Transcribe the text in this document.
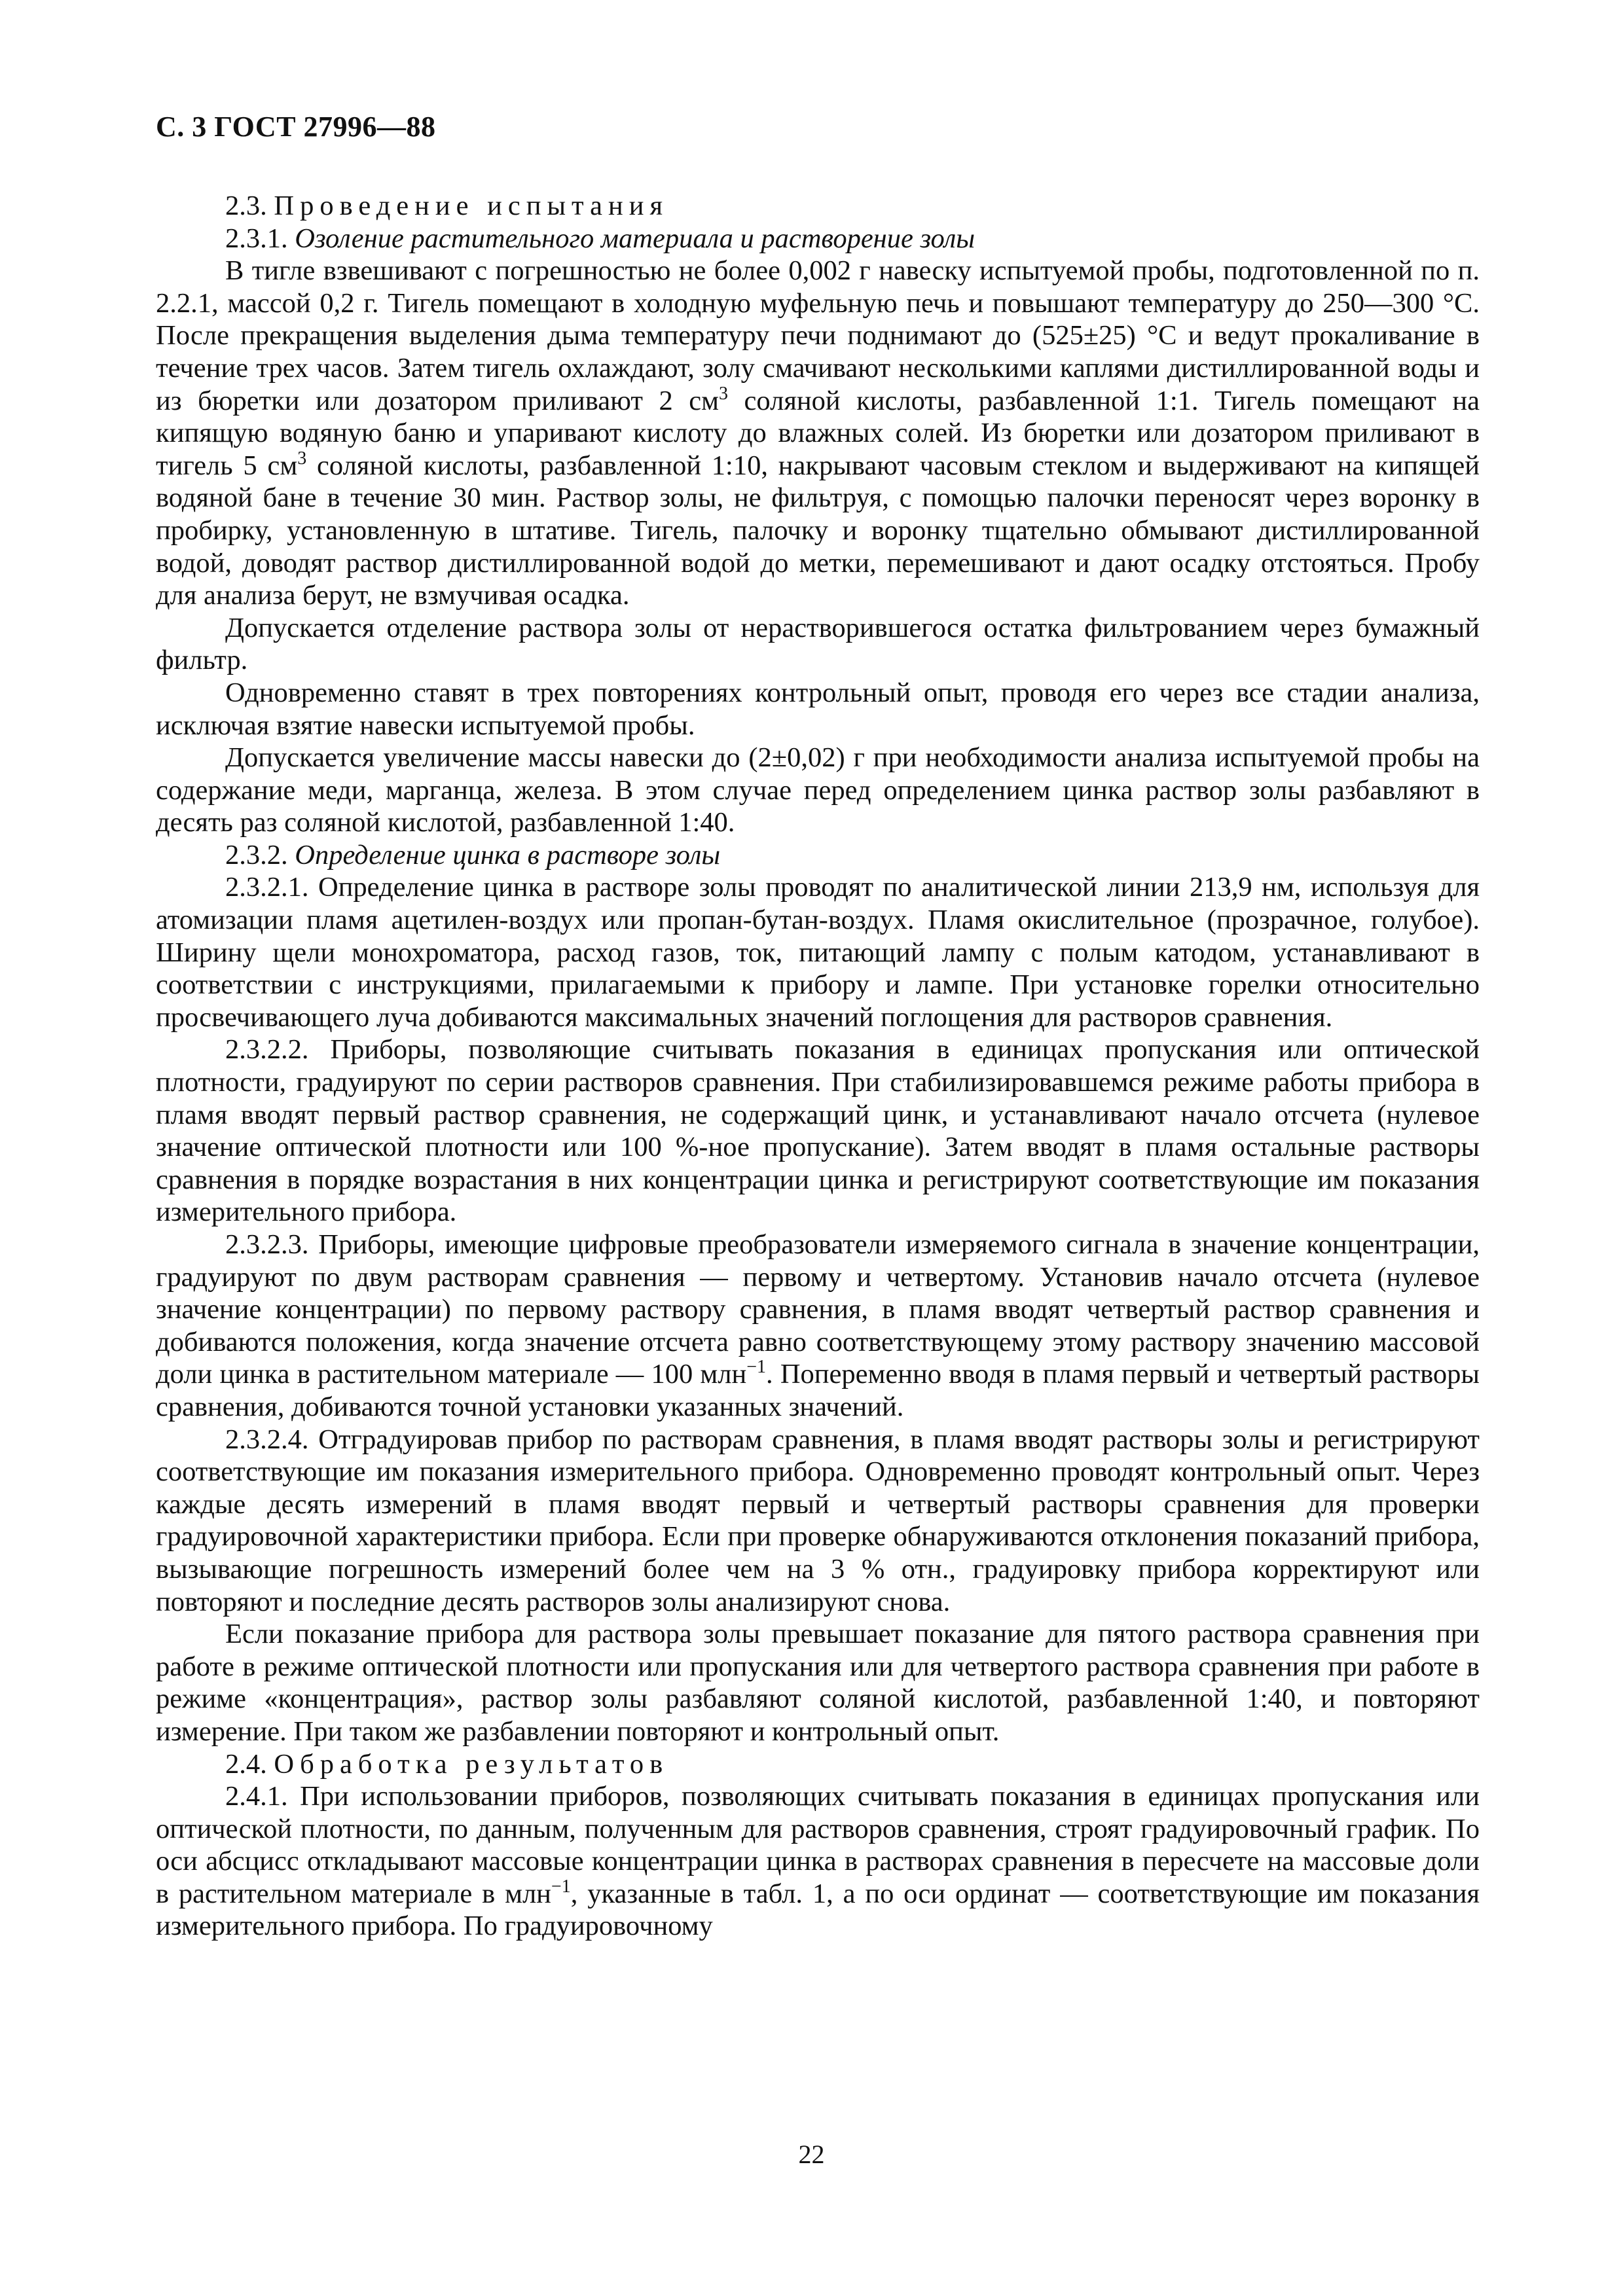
С. 3 ГОСТ 27996—88

2.3. Проведение испытания

2.3.1. Озоление растительного материала и растворение золы

В тигле взвешивают с погрешностью не более 0,002 г навеску испытуемой пробы, подготовленной по п. 2.2.1, массой 0,2 г. Тигель помещают в холодную муфельную печь и повышают температуру до 250—300 °С. После прекращения выделения дыма температуру печи поднимают до (525±25) °С и ведут прокаливание в течение трех часов. Затем тигель охлаждают, золу смачивают несколькими каплями дистиллированной воды и из бюретки или дозатором приливают 2 $см^3$ соляной кислоты, разбавленной 1:1. Тигель помещают на кипящую водяную баню и упаривают кислоту до влажных солей. Из бюретки или дозатором приливают в тигель 5 $см^3$ соляной кислоты, разбавленной 1:10, накрывают часовым стеклом и выдерживают на кипящей водяной бане в течение 30 мин. Раствор золы, не фильтруя, с помощью палочки переносят через воронку в пробирку, установленную в штативе. Тигель, палочку и воронку тщательно обмывают дистиллированной водой, доводят раствор дистиллированной водой до метки, перемешивают и дают осадку отстояться. Пробу для анализа берут, не взмучивая осадка.

Допускается отделение раствора золы от нерастворившегося остатка фильтрованием через бумажный фильтр.

Одновременно ставят в трех повторениях контрольный опыт, проводя его через все стадии анализа, исключая взятие навески испытуемой пробы.

Допускается увеличение массы навески до (2±0,02) г при необходимости анализа испытуемой пробы на содержание меди, марганца, железа. В этом случае перед определением цинка раствор золы разбавляют в десять раз соляной кислотой, разбавленной 1:40.

2.3.2. Определение цинка в растворе золы

2.3.2.1. Определение цинка в растворе золы проводят по аналитической линии 213,9 нм, используя для атомизации пламя ацетилен-воздух или пропан-бутан-воздух. Пламя окислительное (прозрачное, голубое). Ширину щели монохроматора, расход газов, ток, питающий лампу с полым катодом, устанавливают в соответствии с инструкциями, прилагаемыми к прибору и лампе. При установке горелки относительно просвечивающего луча добиваются максимальных значений поглощения для растворов сравнения.

2.3.2.2. Приборы, позволяющие считывать показания в единицах пропускания или оптической плотности, градуируют по серии растворов сравнения. При стабилизировавшемся режиме работы прибора в пламя вводят первый раствор сравнения, не содержащий цинк, и устанавливают начало отсчета (нулевое значение оптической плотности или 100 %-ное пропускание). Затем вводят в пламя остальные растворы сравнения в порядке возрастания в них концентрации цинка и регистрируют соответствующие им показания измерительного прибора.

2.3.2.3. Приборы, имеющие цифровые преобразователи измеряемого сигнала в значение концентрации, градуируют по двум растворам сравнения — первому и четвертому. Установив начало отсчета (нулевое значение концентрации) по первому раствору сравнения, в пламя вводят четвертый раствор сравнения и добиваются положения, когда значение отсчета равно соответствующему этому раствору значению массовой доли цинка в растительном материале — 100 млн$^{-1}$. Попеременно вводя в пламя первый и четвертый растворы сравнения, добиваются точной установки указанных значений.

2.3.2.4. Отградуировав прибор по растворам сравнения, в пламя вводят растворы золы и регистрируют соответствующие им показания измерительного прибора. Одновременно проводят контрольный опыт. Через каждые десять измерений в пламя вводят первый и четвертый растворы сравнения для проверки градуировочной характеристики прибора. Если при проверке обнаруживаются отклонения показаний прибора, вызывающие погрешность измерений более чем на 3 % отн., градуировку прибора корректируют или повторяют и последние десять растворов золы анализируют снова.

Если показание прибора для раствора золы превышает показание для пятого раствора сравнения при работе в режиме оптической плотности или пропускания или для четвертого раствора сравнения при работе в режиме «концентрация», раствор золы разбавляют соляной кислотой, разбавленной 1:40, и повторяют измерение. При таком же разбавлении повторяют и контрольный опыт.

2.4. Обработка результатов

2.4.1. При использовании приборов, позволяющих считывать показания в единицах пропускания или оптической плотности, по данным, полученным для растворов сравнения, строят градуировочный график. По оси абсцисс откладывают массовые концентрации цинка в растворах сравнения в пересчете на массовые доли в растительном материале в млн$^{-1}$, указанные в табл. 1, а по оси ординат — соответствующие им показания измерительного прибора. По градуировочному

22
